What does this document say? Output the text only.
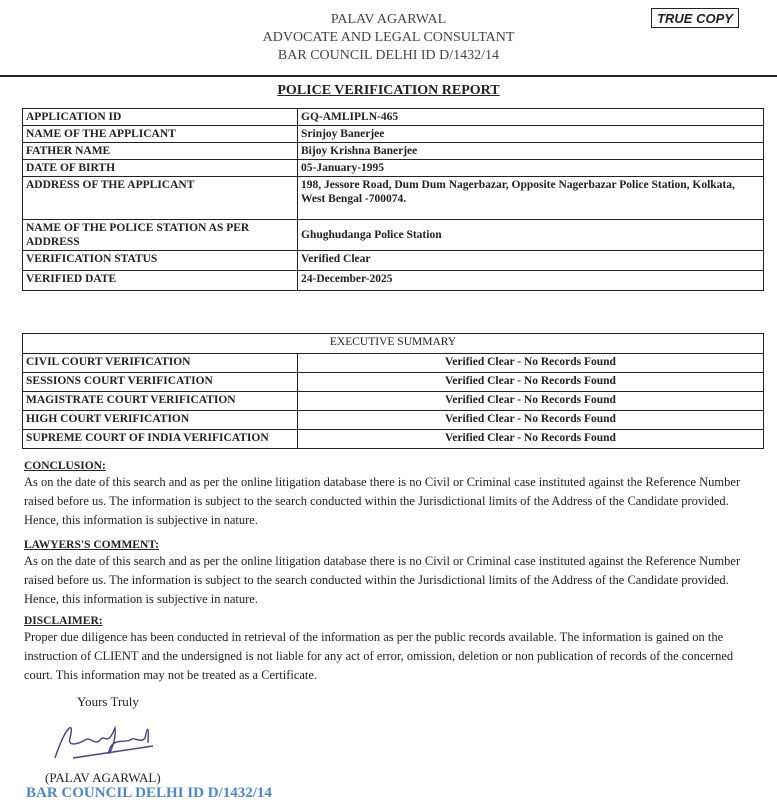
PALAV AGARWAL
ADVOCATE AND LEGAL CONSULTANT
BAR COUNCIL DELHI ID D/1432/14
TRUE COPY
POLICE VERIFICATION REPORT
APPLICATION ID	GQ-AMLIPLN-465
NAME OF THE APPLICANT	Srinjoy Banerjee
FATHER NAME	Bijoy Krishna Banerjee
DATE OF BIRTH	05-January-1995
ADDRESS OF THE APPLICANT	198, Jessore Road, Dum Dum Nagerbazar, Opposite Nagerbazar Police Station, Kolkata, West Bengal -700074.
NAME OF THE POLICE STATION AS PER ADDRESS	Ghughudanga Police Station
VERIFICATION STATUS	Verified Clear
VERIFIED DATE	24-December-2025
EXECUTIVE SUMMARY	
CIVIL COURT VERIFICATION	Verified Clear - No Records Found
SESSIONS COURT VERIFICATION	Verified Clear - No Records Found
MAGISTRATE COURT VERIFICATION	Verified Clear - No Records Found
HIGH COURT VERIFICATION	Verified Clear - No Records Found
SUPREME COURT OF INDIA VERIFICATION	Verified Clear - No Records Found
CONCLUSION:
As on the date of this search and as per the online litigation database there is no Civil or Criminal case instituted against the Reference Number raised before us. The information is subject to the search conducted within the Jurisdictional limits of the Address of the Candidate provided. Hence, this information is subjective in nature.
LAWYERS'S COMMENT:
As on the date of this search and as per the online litigation database there is no Civil or Criminal case instituted against the Reference Number raised before us. The information is subject to the search conducted within the Jurisdictional limits of the Address of the Candidate provided. Hence, this information is subjective in nature.
DISCLAIMER:
Proper due diligence has been conducted in retrieval of the information as per the public records available. The information is gained on the instruction of CLIENT and the undersigned is not liable for any act of error, omission, deletion or non publication of records of the concerned court. This information may not be treated as a Certificate.
Yours Truly
(PALAV AGARWAL)
BAR COUNCIL DELHI ID D/1432/14
